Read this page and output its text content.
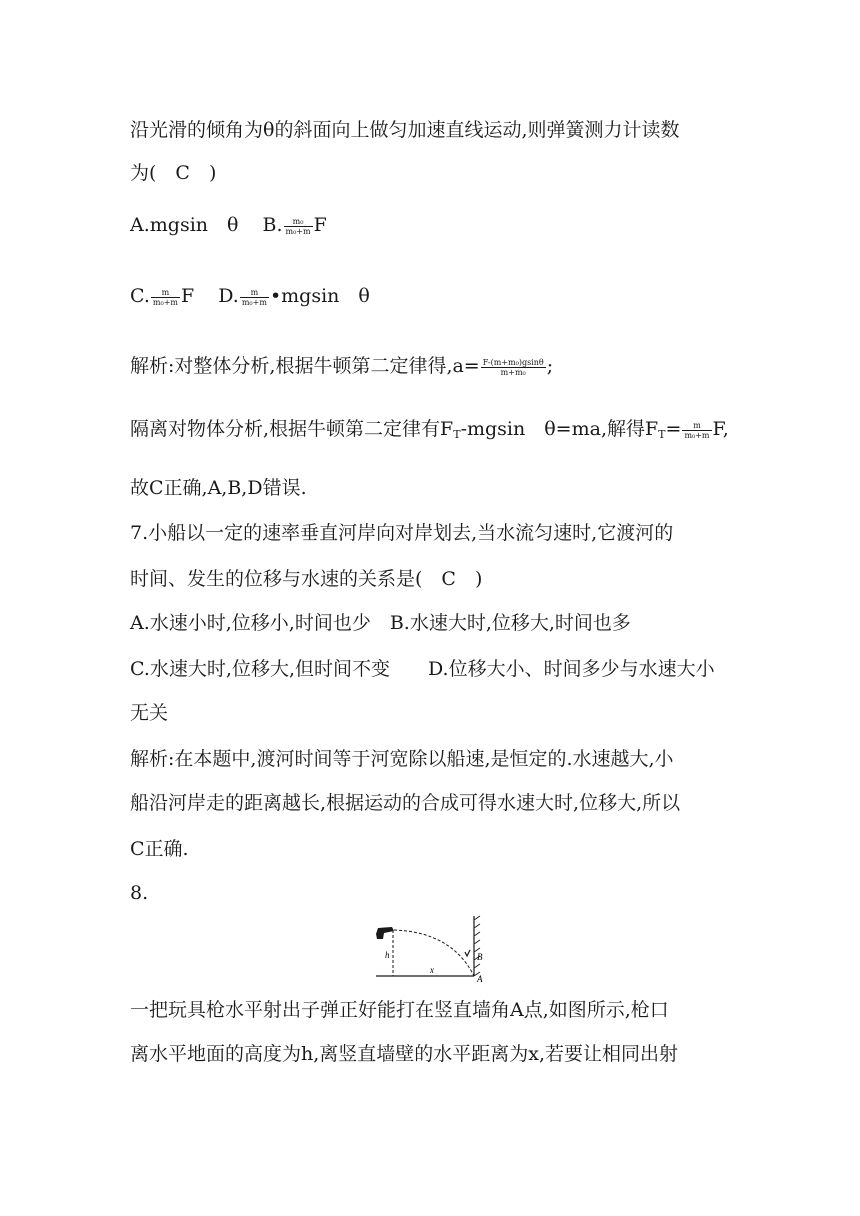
沿光滑的倾角为θ的斜面向上做匀加速直线运动,则弹簧测力计读数
为(　C　)
A.mgsin　θ B. $\frac{\text{m₀}}{\text{m₀+m}}$ F
C. $\frac{m}{\text{m₀+m}}$ F D. $\frac{m}{\text{m₀+m}}$ •mgsin　θ
解析:对整体分析,根据牛顿第二定律得$,a= \frac{\text{F-(m+m₀)gsinθ}}{\text{m+m₀}}$ ;
隔离对物体分析,根据牛顿第二定律有$F_T$-mgsin　θ=ma,解得$F_T= \frac{m}{\text{m₀+m}} F$,
故C正确,A,B,D错误.
7.小船以一定的速率垂直河岸向对岸划去,当水流匀速时,它渡河的
时间、发生的位移与水速的关系是(　C　)
A.水速小时,位移小,时间也少　B.水速大时,位移大,时间也多
C.水速大时,位移大,但时间不变　　D.位移大小、时间多少与水速大小
无关
解析:在本题中,渡河时间等于河宽除以船速,是恒定的.水速越大,小
船沿河岸走的距离越长,根据运动的合成可得水速大时,位移大,所以
C正确.
8.
h
x
B
A
一把玩具枪水平射出子弹正好能打在竖直墙角A点,如图所示,枪口
离水平地面的高度为h,离竖直墙壁的水平距离为x,若要让相同出射
